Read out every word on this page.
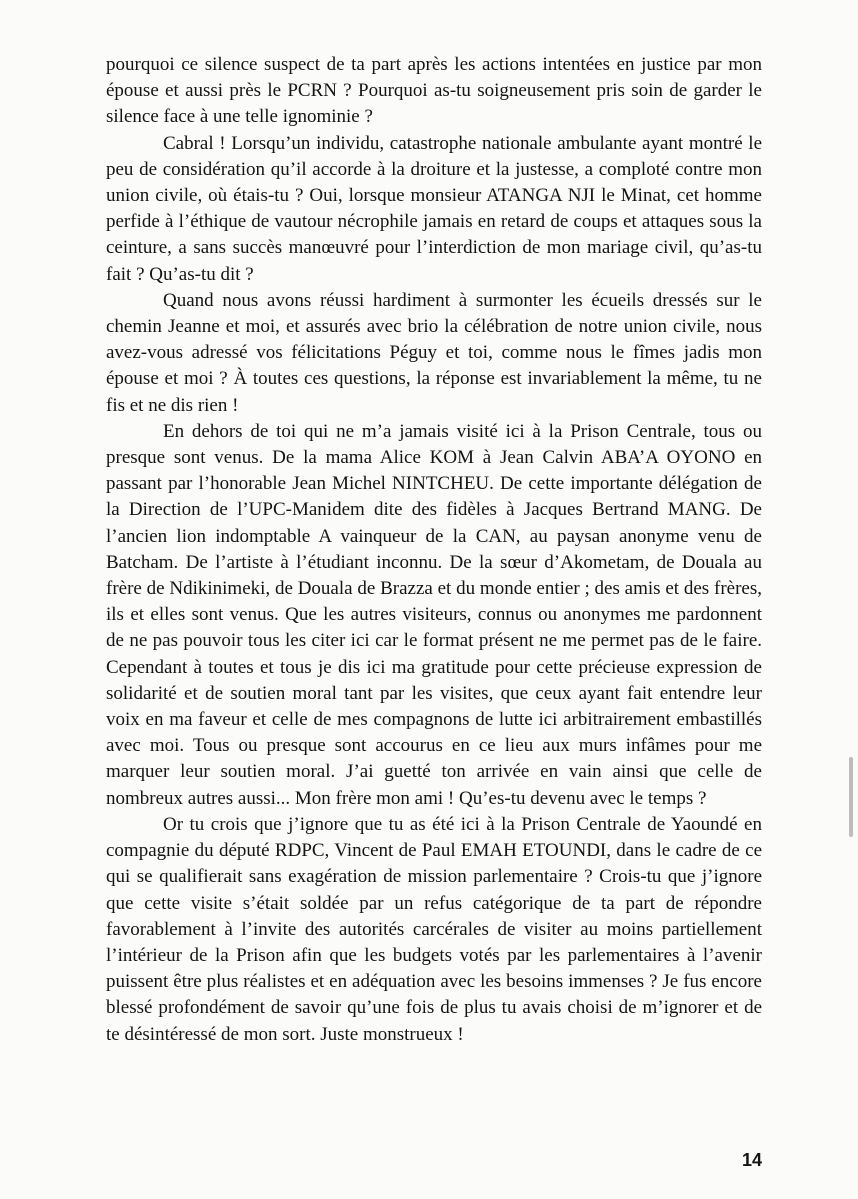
pourquoi ce silence suspect de ta part après les actions intentées en justice par mon épouse et aussi près le PCRN ? Pourquoi as-tu soigneusement pris soin de garder le silence face à une telle ignominie ?

Cabral ! Lorsqu’un individu, catastrophe nationale ambulante ayant montré le peu de considération qu’il accorde à la droiture et la justesse, a comploté contre mon union civile, où étais-tu ? Oui, lorsque monsieur ATANGA NJI le Minat, cet homme perfide à l’éthique de vautour nécrophile jamais en retard de coups et attaques sous la ceinture, a sans succès manœuvré pour l’interdiction de mon mariage civil, qu’as-tu fait ? Qu’as-tu dit ?

Quand nous avons réussi hardiment à surmonter les écueils dressés sur le chemin Jeanne et moi, et assurés avec brio la célébration de notre union civile, nous avez-vous adressé vos félicitations Péguy et toi, comme nous le fîmes jadis mon épouse et moi ? À toutes ces questions, la réponse est invariablement la même, tu ne fis et ne dis rien !

En dehors de toi qui ne m’a jamais visité ici à la Prison Centrale, tous ou presque sont venus. De la mama Alice KOM à Jean Calvin ABA’A OYONO en passant par l’honorable Jean Michel NINTCHEU. De cette importante délégation de la Direction de l’UPC-Manidem dite des fidèles à Jacques Bertrand MANG. De l’ancien lion indomptable A vainqueur de la CAN, au paysan anonyme venu de Batcham. De l’artiste à l’étudiant inconnu. De la sœur d’Akometam, de Douala au frère de Ndikinimeki, de Douala de Brazza et du monde entier ; des amis et des frères, ils et elles sont venus. Que les autres visiteurs, connus ou anonymes me pardonnent de ne pas pouvoir tous les citer ici car le format présent ne me permet pas de le faire. Cependant à toutes et tous je dis ici ma gratitude pour cette précieuse expression de solidarité et de soutien moral tant par les visites, que ceux ayant fait entendre leur voix en ma faveur et celle de mes compagnons de lutte ici arbitrairement embastillés avec moi. Tous ou presque sont accourus en ce lieu aux murs infâmes pour me marquer leur soutien moral. J’ai guetté ton arrivée en vain ainsi que celle de nombreux autres aussi... Mon frère mon ami ! Qu’es-tu devenu avec le temps ?

Or tu crois que j’ignore que tu as été ici à la Prison Centrale de Yaoundé en compagnie du député RDPC, Vincent de Paul EMAH ETOUNDI, dans le cadre de ce qui se qualifierait sans exagération de mission parlementaire ? Crois-tu que j’ignore que cette visite s’était soldée par un refus catégorique de ta part de répondre favorablement à l’invite des autorités carcérales de visiter au moins partiellement l’intérieur de la Prison afin que les budgets votés par les parlementaires à l’avenir puissent être plus réalistes et en adéquation avec les besoins immenses ? Je fus encore blessé profondément de savoir qu’une fois de plus tu avais choisi de m’ignorer et de te désintéressé de mon sort. Juste monstrueux !

14
